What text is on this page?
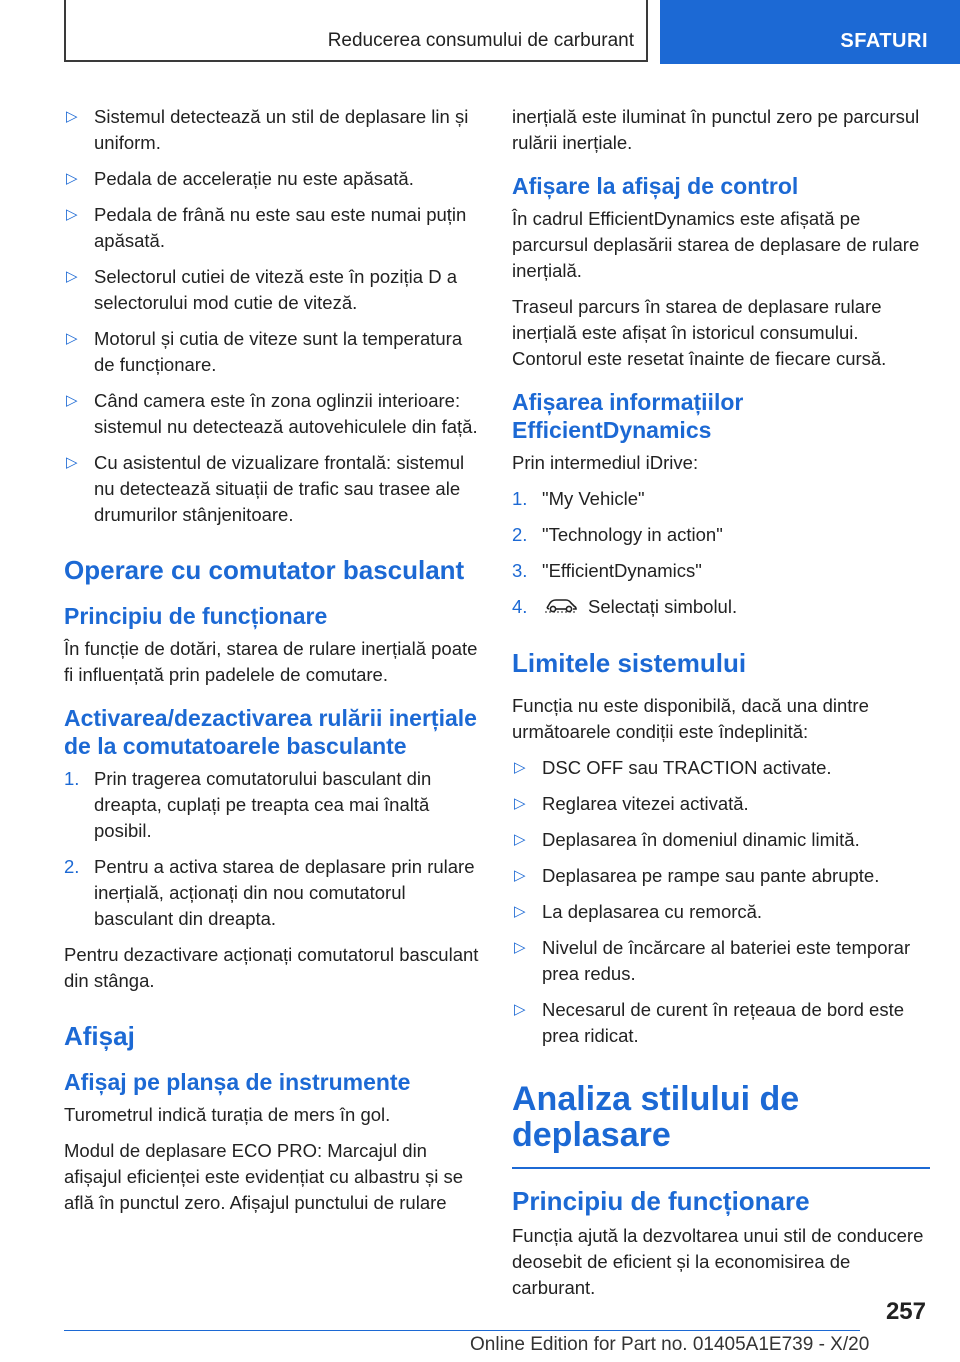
Reducerea consumului de carburant	SFATURI
▷ Sistemul detectează un stil de deplasare lin și uniform.
▷ Pedala de accelerație nu este apăsată.
▷ Pedala de frână nu este sau este numai puțin apăsată.
▷ Selectorul cutiei de viteză este în poziția D a selectorului mod cutie de viteză.
▷ Motorul și cutia de viteze sunt la temperatura de funcționare.
▷ Când camera este în zona oglinzii interioare: sistemul nu detectează autovehiculele din față.
▷ Cu asistentul de vizualizare frontală: sistemul nu detectează situații de trafic sau trasee ale drumurilor stânjenitoare.
Operare cu comutator basculant
Principiu de funcționare

În funcție de dotări, starea de rulare inerțială poate fi influențată prin padelele de comutare.

Activarea/dezactivarea rulării inerțiale de la comutatoarele basculante
1. Prin tragerea comutatorului basculant din dreapta, cuplați pe treapta cea mai înaltă posibil.
2. Pentru a activa starea de deplasare prin rulare inerțială, acționați din nou comutatorul basculant din dreapta.

Pentru dezactivare acționați comutatorul basculant din stânga.

Afișaj
Afișaj pe planșa de instrumente

Turometrul indică turația de mers în gol.

Modul de deplasare ECO PRO: Marcajul din afișajul eficienței este evidențiat cu albastru și se află în punctul zero. Afișajul punctului de rulare

inerțială este iluminat în punctul zero pe parcursul rulării inerțiale.

Afișare la afișaj de control

În cadrul EfficientDynamics este afișată pe parcursul deplasării starea de deplasare de rulare inerțială.

Traseul parcurs în starea de deplasare rulare inerțială este afișat în istoricul consumului. Contorul este resetat înainte de fiecare cursă.

Afișarea informațiilor EfficientDynamics

Prin intermediul iDrive:

1. "My Vehicle"
2. "Technology in action"
3. "EfficientDynamics"
4.	Selectați simbolul.
Limitele sistemului

Funcția nu este disponibilă, dacă una dintre următoarele condiții este îndeplinită:

▷ DSC OFF sau TRACTION activate.
▷ Reglarea vitezei activată.
▷ Deplasarea în domeniul dinamic limită.
▷ Deplasarea pe rampe sau pante abrupte.
▷ La deplasarea cu remorcă.
▷ Nivelul de încărcare al bateriei este temporar prea redus.
▷ Necesarul de curent în rețeaua de bord este prea ridicat.
Analiza stilului de deplasare
Principiu de funcționare

Funcția ajută la dezvoltarea unui stil de conducere deosebit de eficient și la economisirea de carburant.

257
Online Edition for Part no. 01405A1E739 - X/20
